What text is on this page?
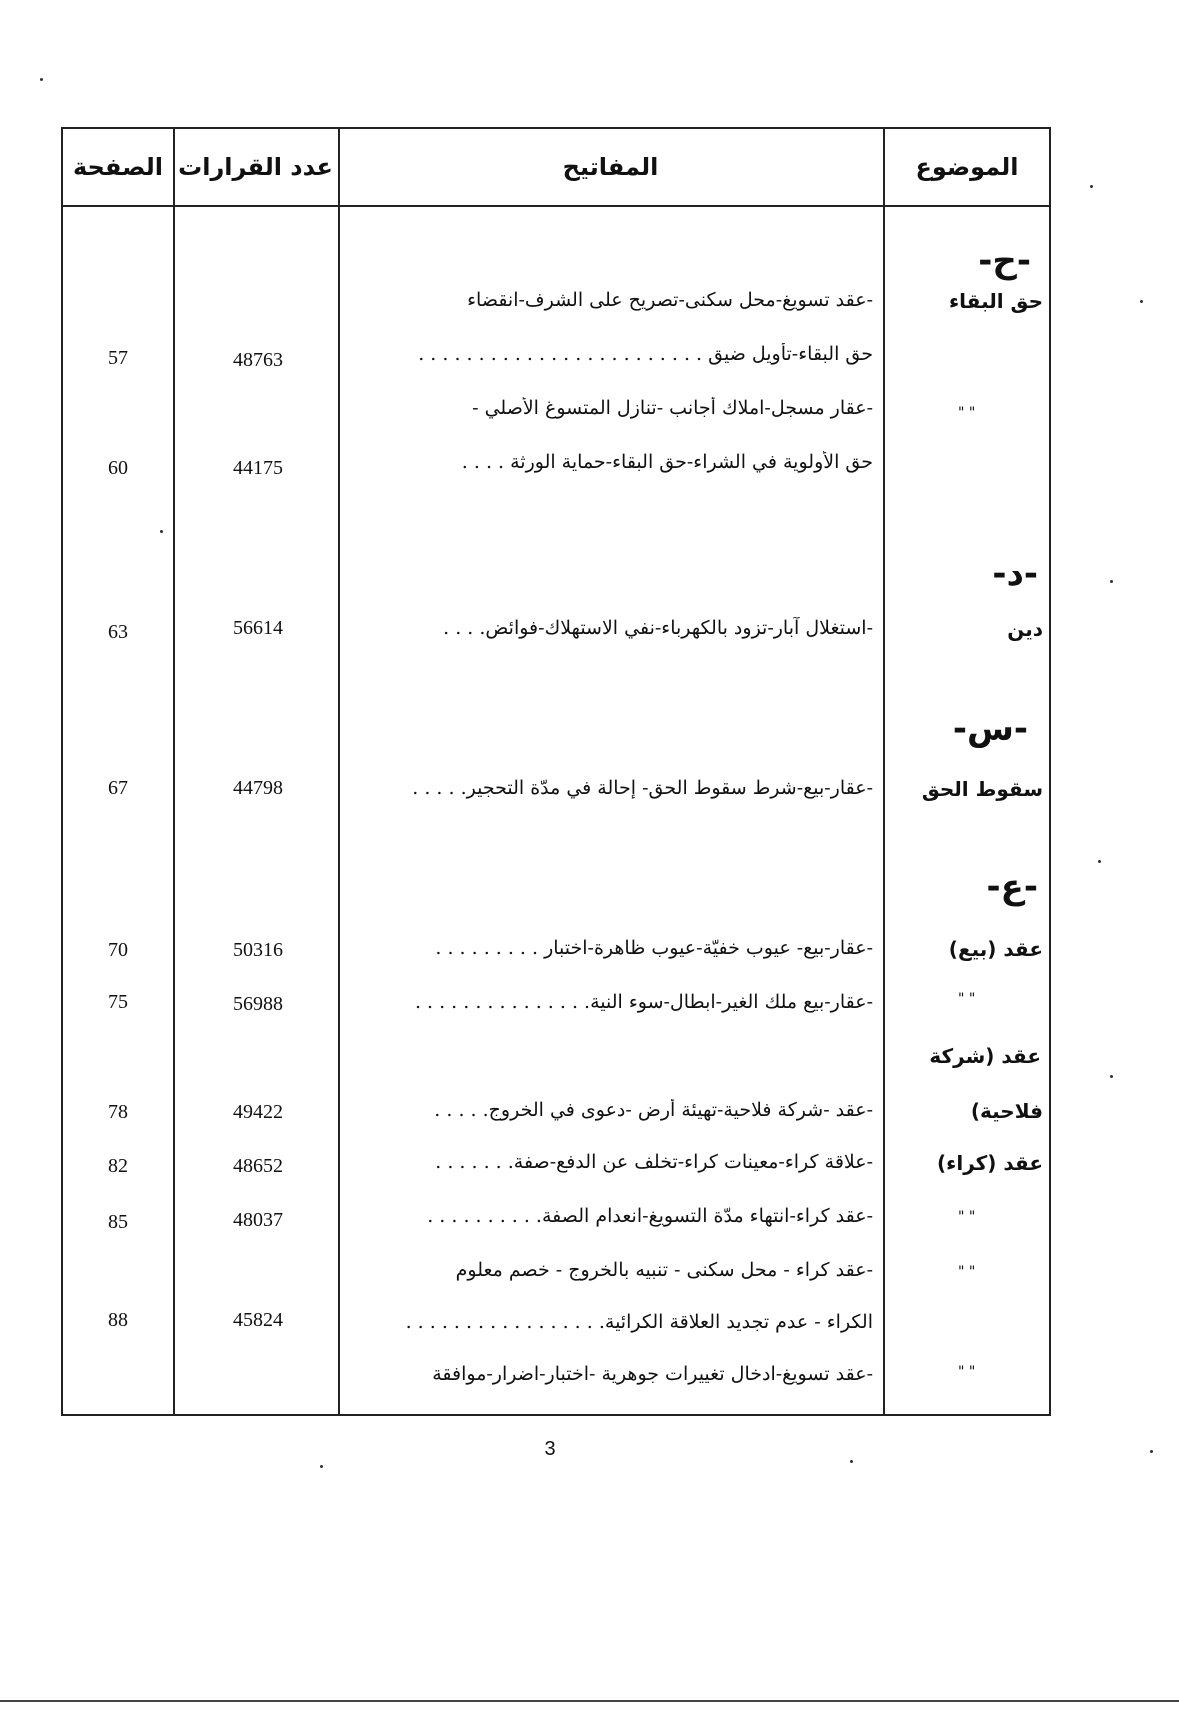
الصفحة عدد القرارات	المفاتيح	الموضوع
-ح-
-د-
-س-
-ع-
حق البقاء
" "
دين
سقوط الحق
عقد (بيع)
" "
عقد (شركة
فلاحية)
عقد (كراء)
" "
" "
" "
-عقد تسويغ-محل سكنى-تصريح على الشرف-انقضاء
حق البقاء-تأويل ضيق . . . . . . . . . . . . . . . . . . . . . . . .
48763
57
-عقار مسجل-املاك أجانب -تنازل المتسوغ الأصلي -
حق الأولوية في الشراء-حق البقاء-حماية الورثة . . . .
44175
60
-استغلال آبار-تزود بالكهرباء-نفي الاستهلاك-فوائض. . . .
56614
63
-عقار-بيع-شرط سقوط الحق- إحالة في مدّة التحجير. . . . .
44798
67
-عقار-بيع- عيوب خفيّة-عيوب ظاهرة-اختبار . . . . . . . . .
50316
70
-عقار-بيع ملك الغير-ابطال-سوء النية. . . . . . . . . . . . . . .
56988
75
-عقد -شركة فلاحية-تهيئة أرض -دعوى في الخروج. . . . .
49422
78
-علاقة كراء-معينات كراء-تخلف عن الدفع-صفة. . . . . . .
48652
82
-عقد كراء-انتهاء مدّة التسويغ-انعدام الصفة. . . . . . . . . .
48037
85
-عقد كراء - محل سكنى - تنبيه بالخروج - خصم معلوم
الكراء - عدم تجديد العلاقة الكرائية. . . . . . . . . . . . . . . . .
45824
88
-عقد تسويغ-ادخال تغييرات جوهرية -اختبار-اضرار-موافقة
3
